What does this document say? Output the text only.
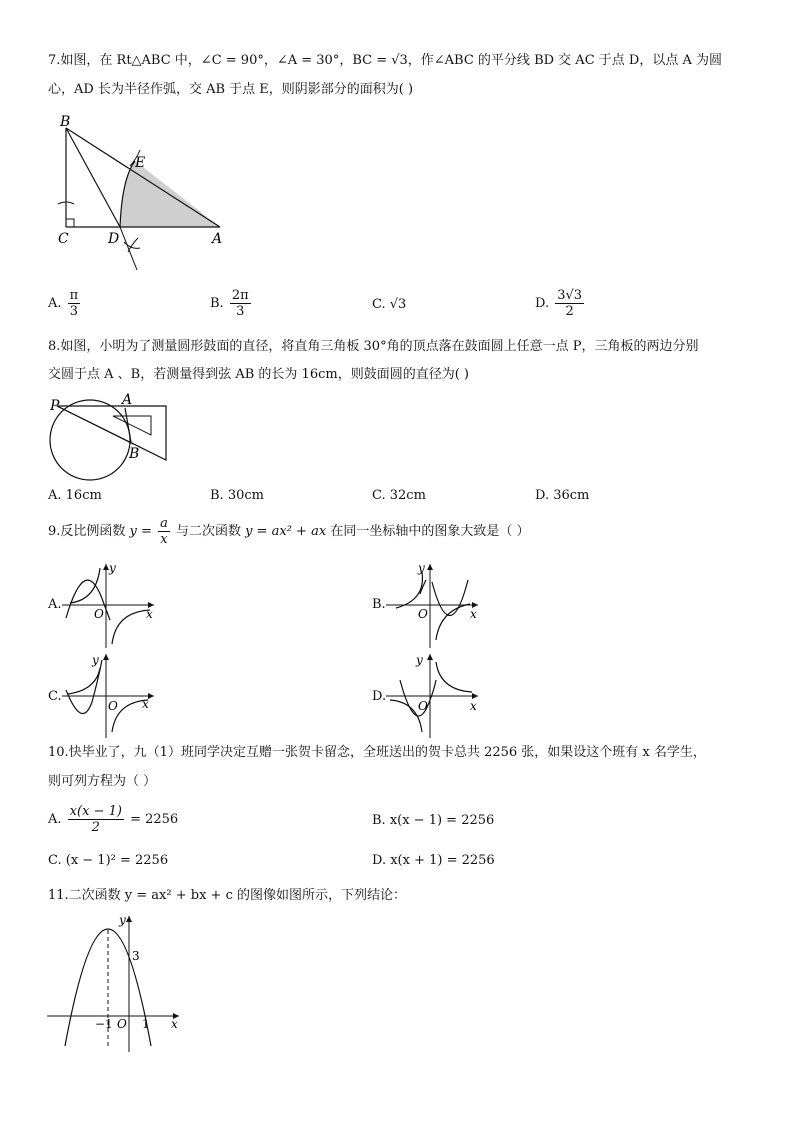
7.如图，在 Rt△ABC 中，∠C = 90°，∠A = 30°，BC = √3，作∠ABC 的平分线 BD 交 AC 于点 D，以点 A 为圆
心，AD 长为半径作弧，交 AB 于点 E，则阴影部分的面积为( )
B
E
C	D	A
A. $\frac{\pi}{3}$	B. $\frac{2\pi}{3}$	C. √3	D. $\frac{3√3}{2}$
8.如图，小明为了测量圆形鼓面的直径，将直角三角板 30°角的顶点落在鼓面圆上任意一点 P，三角板的两边分别
交圆于点 A 、B，若测量得到弦 AB 的长为 16cm，则鼓面圆的直径为( )
P	A
B
A. 16cm	B. 30cm	C. 32cm	D. 36cm
9.反比例函数 $y = \frac{a}{x}$ 与二次函数 y = ax² + ax 在同一坐标轴中的图象大致是（ ）
A.
y
x
O
B.
y
x
O
C.
y
x
O
D.
y
x
O
10.快毕业了，九（1）班同学决定互赠一张贺卡留念，全班送出的贺卡总共 2256 张，如果设这个班有 x 名学生，
则可列方程为（ ）
A. $\frac{x(x - 1)}{2} = 2256$	B. x(x − 1) = 2256
C. (x − 1)² = 2256	D. x(x + 1) = 2256
11.二次函数 y = ax² + bx + c 的图像如图所示，下列结论：
y
x
O
3
−1 1
